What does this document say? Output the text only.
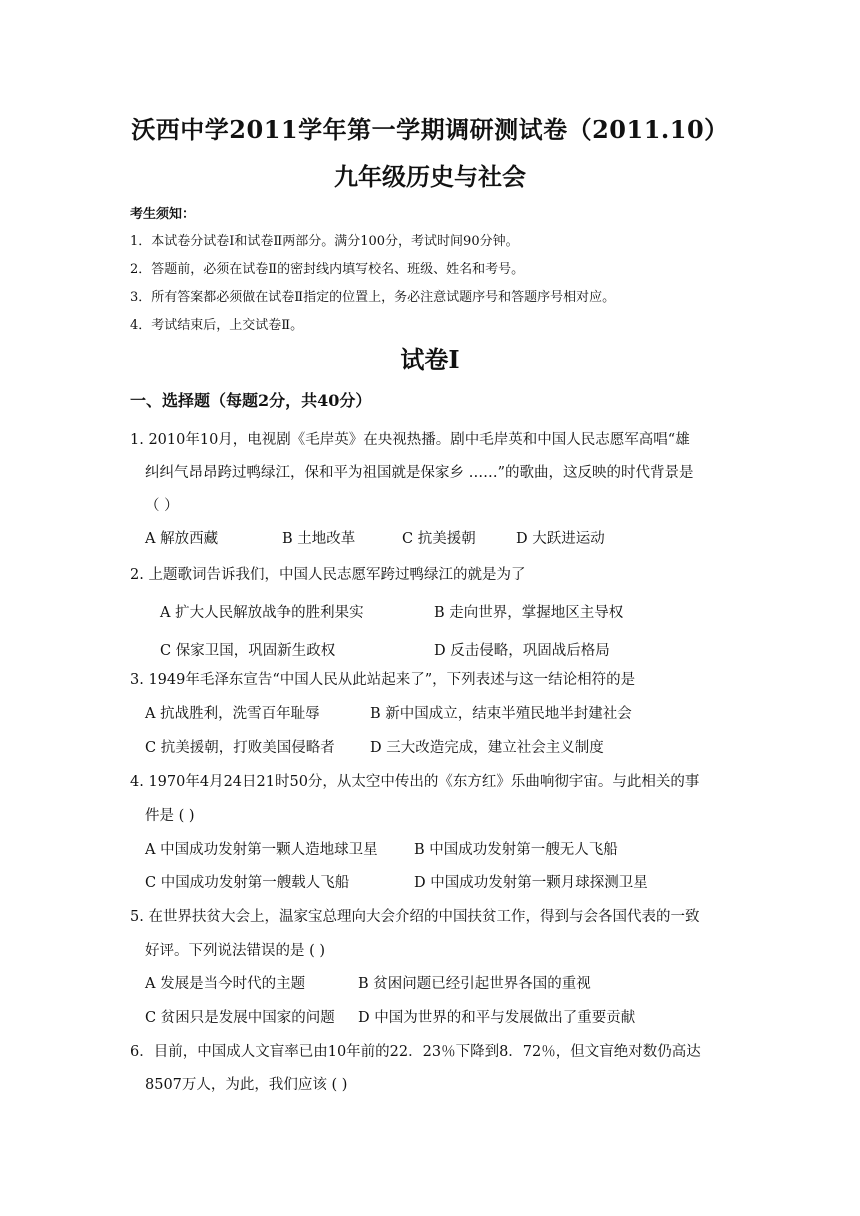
沃西中学2011学年第一学期调研测试卷（2011.10）
九年级历史与社会
考生须知：
1．本试卷分试卷Ⅰ和试卷Ⅱ两部分。满分100分，考试时间90分钟。
2．答题前，必须在试卷Ⅱ的密封线内填写校名、班级、姓名和考号。
3．所有答案都必须做在试卷Ⅱ指定的位置上，务必注意试题序号和答题序号相对应。
4．考试结束后，上交试卷Ⅱ。
试卷Ⅰ
一、选择题（每题2分，共40分）
1. 2010年10月，电视剧《毛岸英》在央视热播。剧中毛岸英和中国人民志愿军高唱“雄
纠纠气昂昂跨过鸭绿江，保和平为祖国就是保家乡 ……”的歌曲，这反映的时代背景是
（ ）
A 解放西藏	B 土地改革	C 抗美援朝	D 大跃进运动
2. 上题歌词告诉我们，中国人民志愿军跨过鸭绿江的就是为了
A 扩大人民解放战争的胜利果实	B 走向世界，掌握地区主导权
C 保家卫国，巩固新生政权	D 反击侵略，巩固战后格局
3. 1949年毛泽东宣告“中国人民从此站起来了”，下列表述与这一结论相符的是
A 抗战胜利，洗雪百年耻辱	B 新中国成立，结束半殖民地半封建社会
C 抗美援朝，打败美国侵略者 D 三大改造完成，建立社会主义制度
4. 1970年4月24日21时50分，从太空中传出的《东方红》乐曲响彻宇宙。与此相关的事
件是 ( )
A 中国成功发射第一颗人造地球卫星	B 中国成功发射第一艘无人飞船
C 中国成功发射第一艘载人飞船	D 中国成功发射第一颗月球探测卫星
5. 在世界扶贫大会上，温家宝总理向大会介绍的中国扶贫工作，得到与会各国代表的一致
好评。下列说法错误的是 ( )
A 发展是当今时代的主题	B 贫困问题已经引起世界各国的重视
C 贫困只是发展中国家的问题 D 中国为世界的和平与发展做出了重要贡献
6．目前，中国成人文盲率已由10年前的22．23％下降到8．72％，但文盲绝对数仍高达
8507万人，为此，我们应该 ( )
